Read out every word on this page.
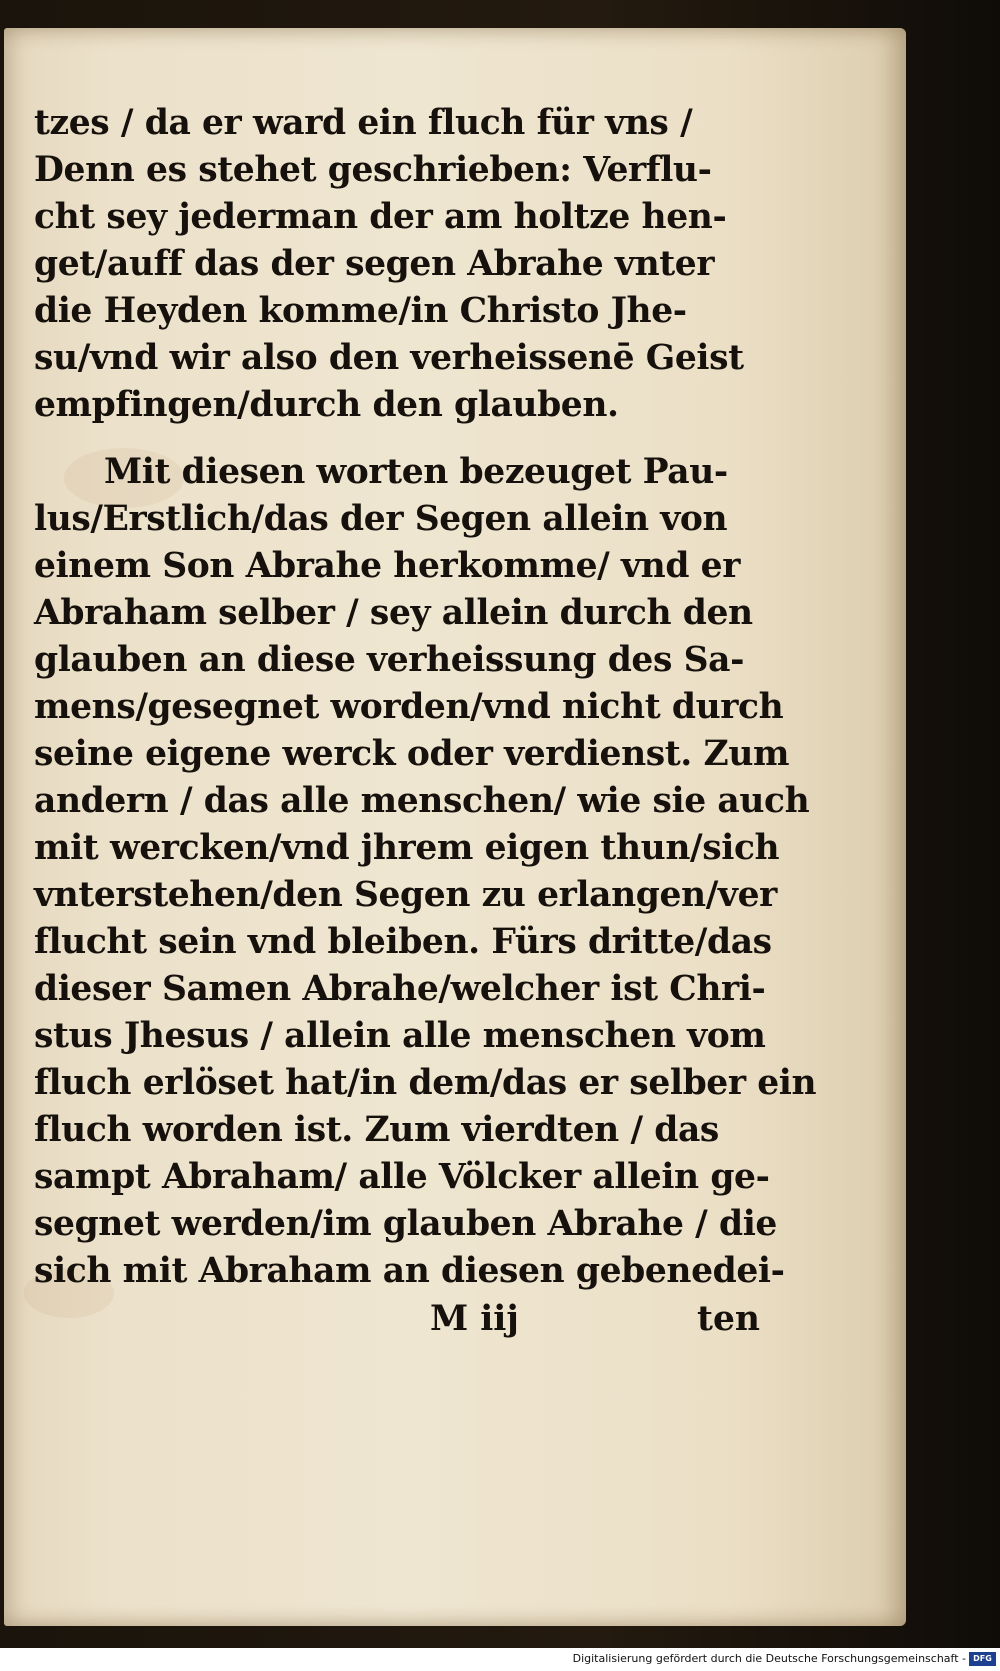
tzes / da er ward ein fluch für vns /
Denn es stehet geschrieben: Verflu-
cht sey jederman der am holtze hen-
get/auff das der segen Abrahe vnter
die Heyden komme/in Christo Jhe-
su/vnd wir also den verheissenē Geist
empfingen/durch den glauben.
Mit diesen worten bezeuget Pau-
lus/Erstlich/das der Segen allein von
einem Son Abrahe herkomme/ vnd er
Abraham selber / sey allein durch den
glauben an diese verheissung des Sa-
mens/gesegnet worden/vnd nicht durch
seine eigene werck oder verdienst. Zum
andern / das alle menschen/ wie sie auch
mit wercken/vnd jhrem eigen thun/sich
vnterstehen/den Segen zu erlangen/ver
flucht sein vnd bleiben. Fürs dritte/das
dieser Samen Abrahe/welcher ist Chri-
stus Jhesus / allein alle menschen vom
fluch erlöset hat/in dem/das er selber ein
fluch worden ist. Zum vierdten / das
sampt Abraham/ alle Völcker allein ge-
segnet werden/im glauben Abrahe / die
sich mit Abraham an diesen gebenedei-
M iij	ten
Digitalisierung gefördert durch die Deutsche Forschungsgemeinschaft - DFG
